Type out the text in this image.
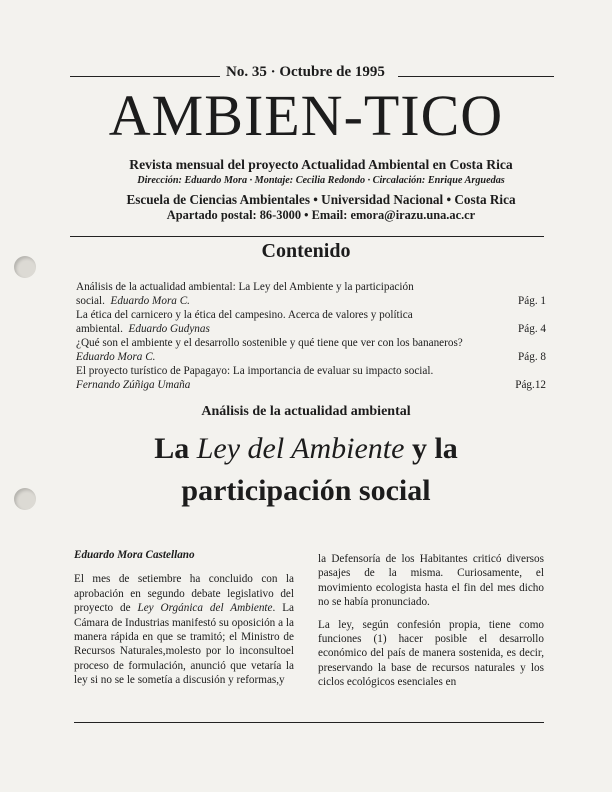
No. 35 · Octubre de 1995
AMBIEN-TICO
Revista mensual del proyecto Actualidad Ambiental en Costa Rica
Dirección: Eduardo Mora · Montaje: Cecilia Redondo · Circalación: Enrique Arguedas
Escuela de Ciencias Ambientales • Universidad Nacional • Costa Rica
Apartado postal: 86-3000 • Email: emora@irazu.una.ac.cr
Contenido
Análisis de la actualidad ambiental: La Ley del Ambiente y la participación
social. Eduardo Mora C.	Pág. 1
La ética del carnicero y la ética del campesino. Acerca de valores y política
ambiental. Eduardo Gudynas	Pág. 4
¿Qué son el ambiente y el desarrollo sostenible y qué tiene que ver con los bananeros?
Eduardo Mora C.	Pág. 8
El proyecto turístico de Papagayo: La importancia de evaluar su impacto social.
Fernando Zúñiga Umaña	Pág.12
Análisis de la actualidad ambiental
La Ley del Ambiente y la
participación social

Eduardo Mora Castellano

El mes de setiembre ha concluido con la aprobación en segundo debate legislativo del proyecto de Ley Orgánica del Ambiente. La Cámara de Industrias manifestó su oposición a la manera rápida en que se tramitó; el Ministro de Recursos Naturales,molesto por lo inconsultoel proceso de formulación, anunció que vetaría la ley si no se le sometía a discusión y reformas,y

la Defensoría de los Habitantes criticó diversos pasajes de la misma. Curiosamente, el movimiento ecologista hasta el fin del mes dicho no se había pronunciado.

La ley, según confesión propia, tiene como funciones (1) hacer posible el desarrollo económico del país de manera sostenida, es decir, preservando la base de recursos naturales y los ciclos ecológicos esenciales en
